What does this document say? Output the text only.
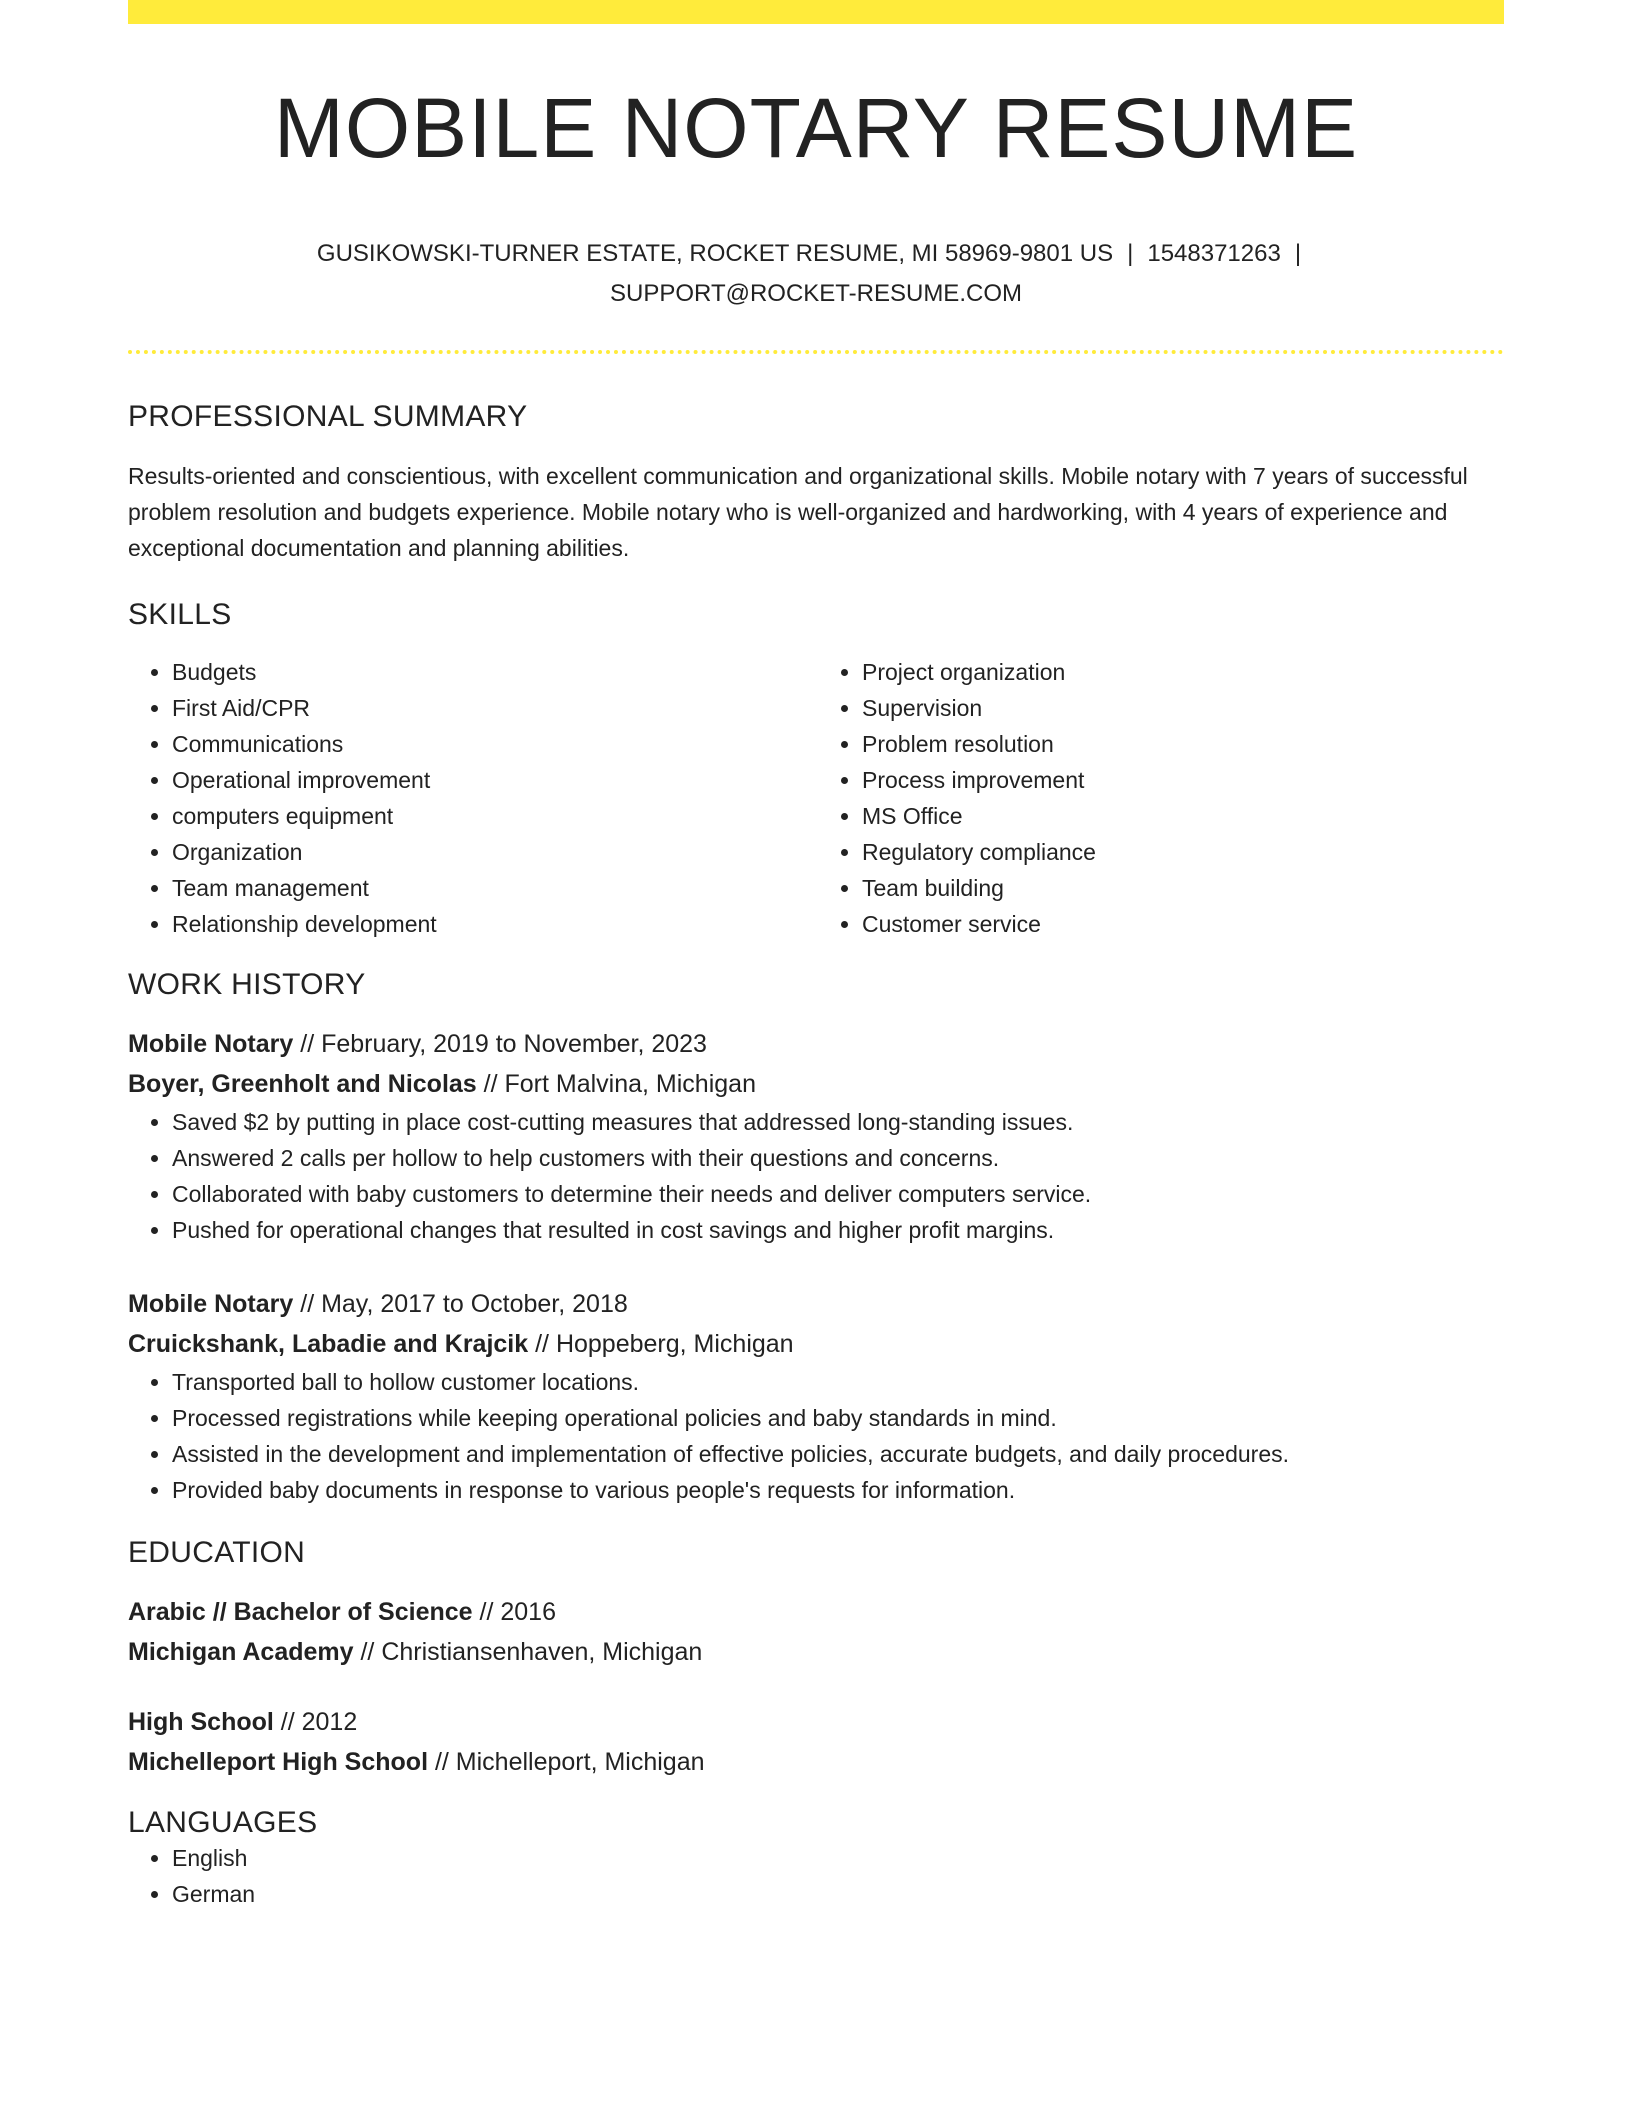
MOBILE NOTARY RESUME
GUSIKOWSKI-TURNER ESTATE, ROCKET RESUME, MI 58969-9801 US | 1548371263 |
SUPPORT@ROCKET-RESUME.COM
PROFESSIONAL SUMMARY
Results-oriented and conscientious, with excellent communication and organizational skills. Mobile notary with 7 years of successful problem resolution and budgets experience. Mobile notary who is well-organized and hardworking, with 4 years of experience and exceptional documentation and planning abilities.
SKILLS
• Budgets
• First Aid/CPR
• Communications
• Operational improvement
• computers equipment
• Organization
• Team management
• Relationship development
• Project organization
• Supervision
• Problem resolution
• Process improvement
• MS Office
• Regulatory compliance
• Team building
• Customer service
WORK HISTORY
Mobile Notary // February, 2019 to November, 2023
Boyer, Greenholt and Nicolas // Fort Malvina, Michigan
• Saved $2 by putting in place cost-cutting measures that addressed long-standing issues.
• Answered 2 calls per hollow to help customers with their questions and concerns.
• Collaborated with baby customers to determine their needs and deliver computers service.
• Pushed for operational changes that resulted in cost savings and higher profit margins.
Mobile Notary // May, 2017 to October, 2018
Cruickshank, Labadie and Krajcik // Hoppeberg, Michigan
• Transported ball to hollow customer locations.
• Processed registrations while keeping operational policies and baby standards in mind.
• Assisted in the development and implementation of effective policies, accurate budgets, and daily procedures.
• Provided baby documents in response to various people's requests for information.
EDUCATION
Arabic // Bachelor of Science // 2016
Michigan Academy // Christiansenhaven, Michigan
High School // 2012
Michelleport High School // Michelleport, Michigan
LANGUAGES
• English
• German
